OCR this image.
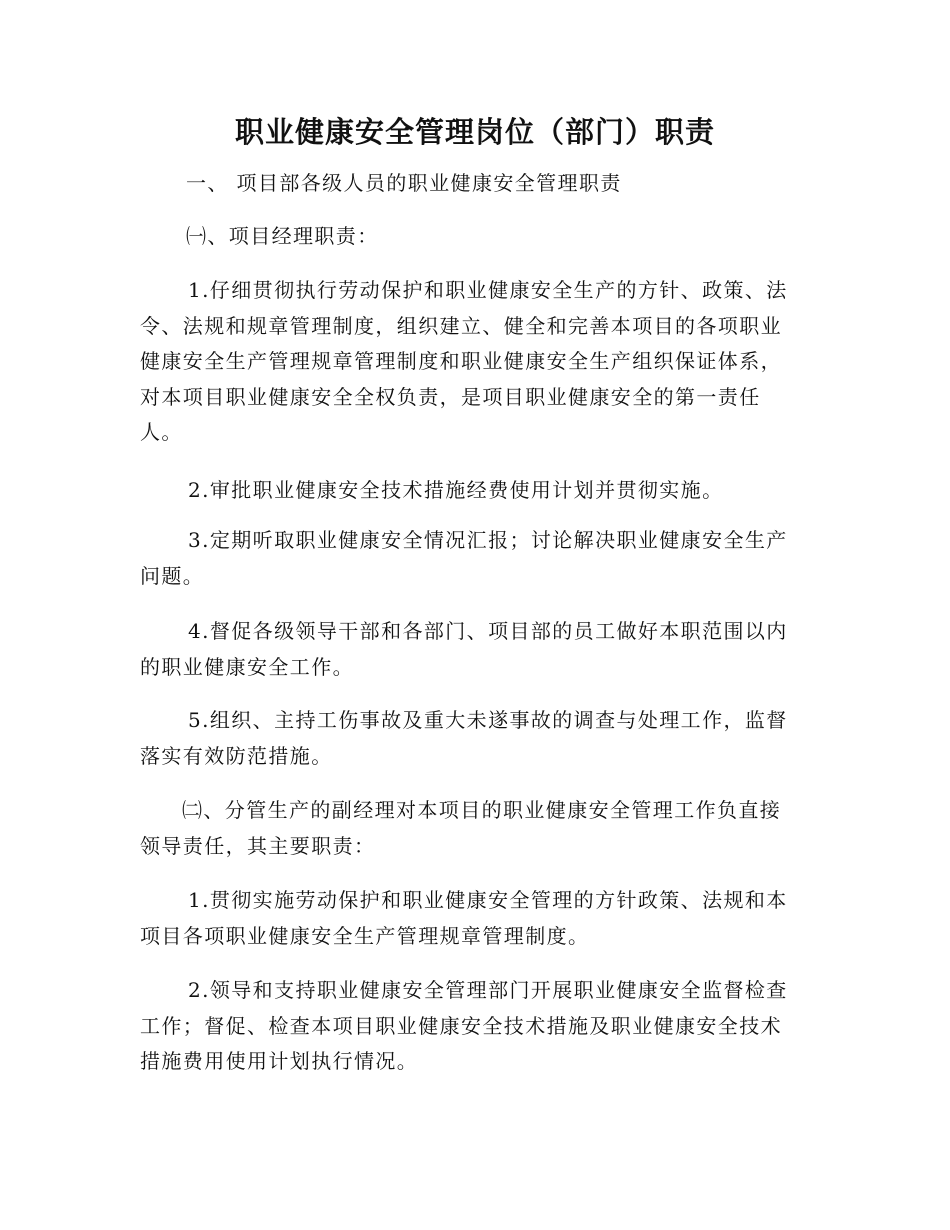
职业健康安全管理岗位（部门）职责

一、 项目部各级人员的职业健康安全管理职责

㈠、项目经理职责：

1.仔细贯彻执行劳动保护和职业健康安全生产的方针、政策、法令、法规和规章管理制度，组织建立、健全和完善本项目的各项职业健康安全生产管理规章管理制度和职业健康安全生产组织保证体系，对本项目职业健康安全全权负责，是项目职业健康安全的第一责任人。

2.审批职业健康安全技术措施经费使用计划并贯彻实施。

3.定期听取职业健康安全情况汇报；讨论解决职业健康安全生产问题。

4.督促各级领导干部和各部门、项目部的员工做好本职范围以内的职业健康安全工作。

5.组织、主持工伤事故及重大未遂事故的调查与处理工作，监督落实有效防范措施。

㈡、分管生产的副经理对本项目的职业健康安全管理工作负直接领导责任，其主要职责：

1.贯彻实施劳动保护和职业健康安全管理的方针政策、法规和本项目各项职业健康安全生产管理规章管理制度。

2.领导和支持职业健康安全管理部门开展职业健康安全监督检查工作；督促、检查本项目职业健康安全技术措施及职业健康安全技术措施费用使用计划执行情况。
